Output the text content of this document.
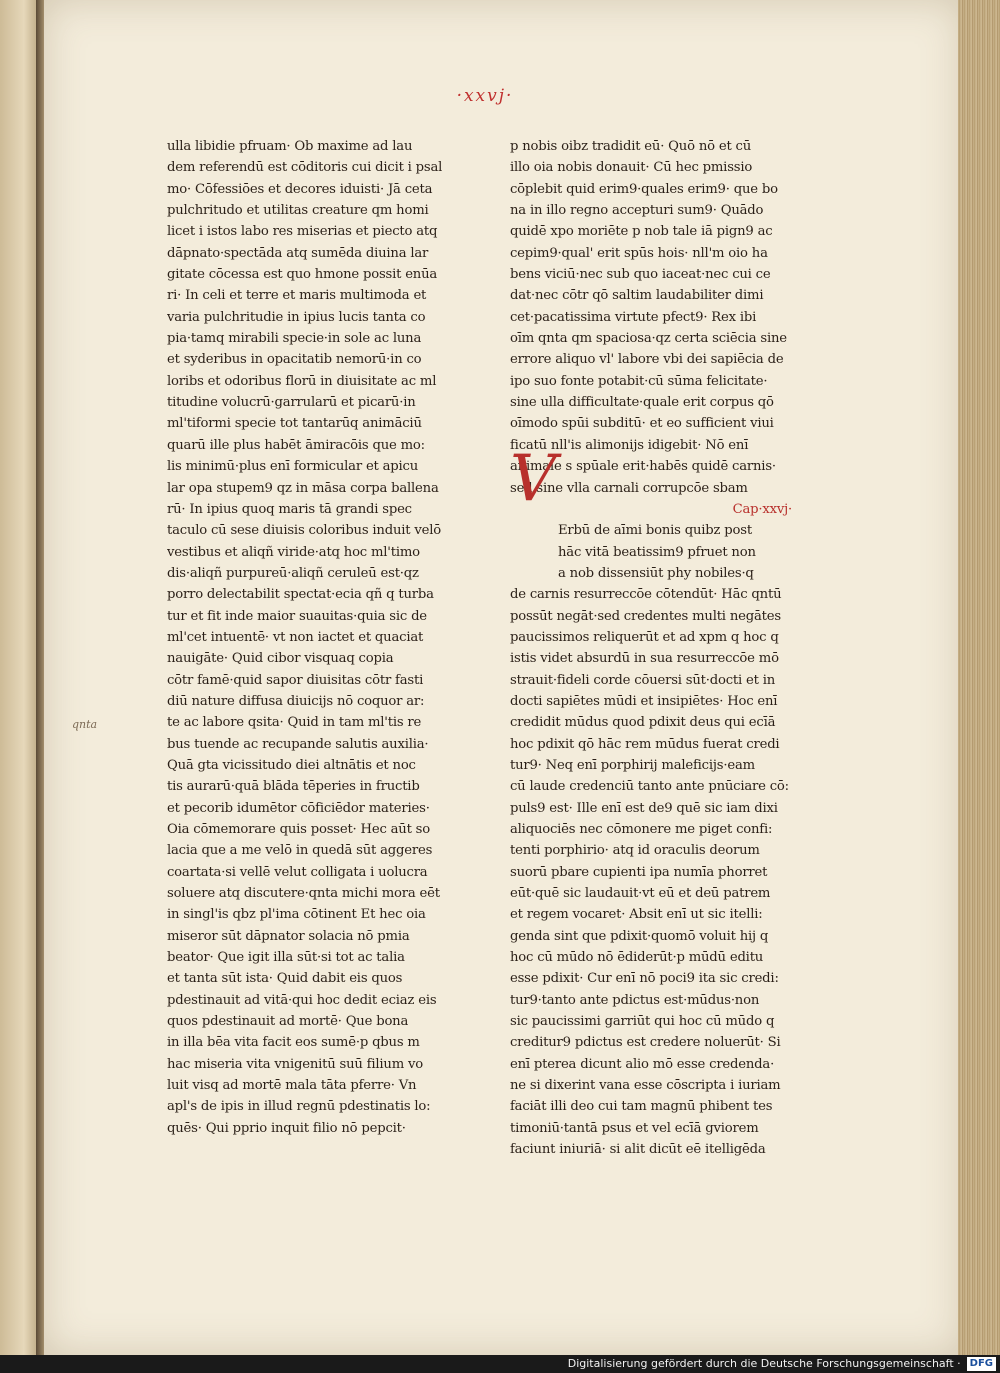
·xxvj·
qnta
ulla libidie pfruam· Ob maxime ad lau
dem referendū est cōditoris cui dicit i psal
mo· Cōfessiōes et decores iduisti· Jā ceta
pulchritudo et utilitas creature qm homi
licet i istos labo res miserias et piecto atq
dāpnato·spectāda atq sumēda diuina lar
gitate cōcessa est quo hmone possit enūa
ri· In celi et terre et maris multimoda et
varia pulchritudie in ipius lucis tanta co
pia·tamq mirabili specie·in sole ac luna
et syderibus in opacitatib nemorū·in co
loribs et odoribus florū in diuisitate ac ml
titudine volucrū·garrularū et picarū·in
ml'tiformi specie tot tantarūq animāciū
quarū ille plus habēt āmiracōis que mo:
lis minimū·plus enī formicular et apicu
lar opa stupem9 qz in māsa corpa ballena
rū· In ipius quoq maris tā grandi spec
taculo cū sese diuisis coloribus induit velō
vestibus et aliqñ viride·atq hoc ml'timo
dis·aliqñ purpureū·aliqñ ceruleū est·qz
porro delectabilit spectat·ecia qñ q turba
tur et fit inde maior suauitas·quia sic de
ml'cet intuentē· vt non iactet et quaciat
nauigāte· Quid cibor visquaq copia
cōtr famē·quid sapor diuisitas cōtr fasti
diū nature diffusa diuicijs nō coquor ar:
te ac labore qsita· Quid in tam ml'tis re
bus tuende ac recupande salutis auxilia·
Quā gta vicissitudo diei altnātis et noc
tis aurarū·quā blāda tēperies in fructib
et pecorib idumētor cōficiēdor materies·
Oia cōmemorare quis posset· Hec aūt so
lacia que a me velō in quedā sūt aggeres
coartata·si vellē velut colligata i uolucra
soluere atq discutere·qnta michi mora eēt
in singl'is qbz pl'ima cōtinent Et hec oia
miseror sūt dāpnator solacia nō pmia
beator· Que igit illa sūt·si tot ac talia
et tanta sūt ista· Quid dabit eis quos
pdestinauit ad vitā·qui hoc dedit eciaz eis
quos pdestinauit ad mortē· Que bona
in illa bēa vita facit eos sumē·p qbus m
hac miseria vita vnigenitū suū filium vo
luit visq ad mortē mala tāta pferre· Vn
apl's de ipis in illud regnū pdestinatis lo:
quēs· Qui pprio inquit filio nō pepcit·
p nobis oibz tradidit eū· Quō nō et cū
illo oia nobis donauit· Cū hec pmissio
cōplebit quid erim9·quales erim9· que bo
na in illo regno accepturi sum9· Quādo
quidē xpo moriēte p nob tale iā pign9 ac
cepim9·qual' erit spūs hois· nll'm oio ha
bens viciū·nec sub quo iaceat·nec cui ce
dat·nec cōtr qō saltim laudabiliter dimi
cet·pacatissima virtute pfect9· Rex ibi
oīm qnta qm spaciosa·qz certa sciēcia sine
errore aliquo vl' labore vbi dei sapiēcia de
ipo suo fonte potabit·cū sūma felicitate·
sine ulla difficultate·quale erit corpus qō
oīmodo spūi subditū· et eo sufficient viui
ficatū nll'is alimonijs idigebit· Nō enī
animale s spūale erit·habēs quidē carnis·
sed sine vlla carnali corrupcōe sbam
Cap·xxvj·
Erbū de aīmi bonis quibz post
hāc vitā beatissim9 pfruet non
a nob dissensiūt phy nobiles·q
de carnis resurreccōe cōtendūt· Hāc qntū
possūt negāt·sed credentes multi negātes
paucissimos reliquerūt et ad xpm q hoc q
istis videt absurdū in sua resurreccōe mō
strauit·fideli corde cōuersi sūt·docti et in
docti sapiētes mūdi et insipiētes· Hoc enī
credidit mūdus quod pdixit deus qui ecīā
hoc pdixit qō hāc rem mūdus fuerat credi
tur9· Neq enī porphirij maleficijs·eam
cū laude credenciū tanto ante pnūciare cō:
puls9 est· Ille enī est de9 quē sic iam dixi
aliquociēs nec cōmonere me piget confi:
tenti porphirio· atq id oraculis deorum
suorū pbare cupienti ipa numīa phorret
eūt·quē sic laudauit·vt eū et deū patrem
et regem vocaret· Absit enī ut sic itelli:
genda sint que pdixit·quomō voluit hij q
hoc cū mūdo nō ēdiderūt·p mūdū editu
esse pdixit· Cur enī nō poci9 ita sic credi:
tur9·tanto ante pdictus est·mūdus·non
sic paucissimi garriūt qui hoc cū mūdo q
creditur9 pdictus est credere noluerūt· Si
enī pterea dicunt alio mō esse credenda·
ne si dixerint vana esse cōscripta i iuriam
faciāt illi deo cui tam magnū phibent tes
timoniū·tantā psus et vel ecīā gviorem
faciunt iniuriā· si alit dicūt eē itelligēda
V
Digitalisierung gefördert durch die Deutsche Forschungsgemeinschaft · DFG
